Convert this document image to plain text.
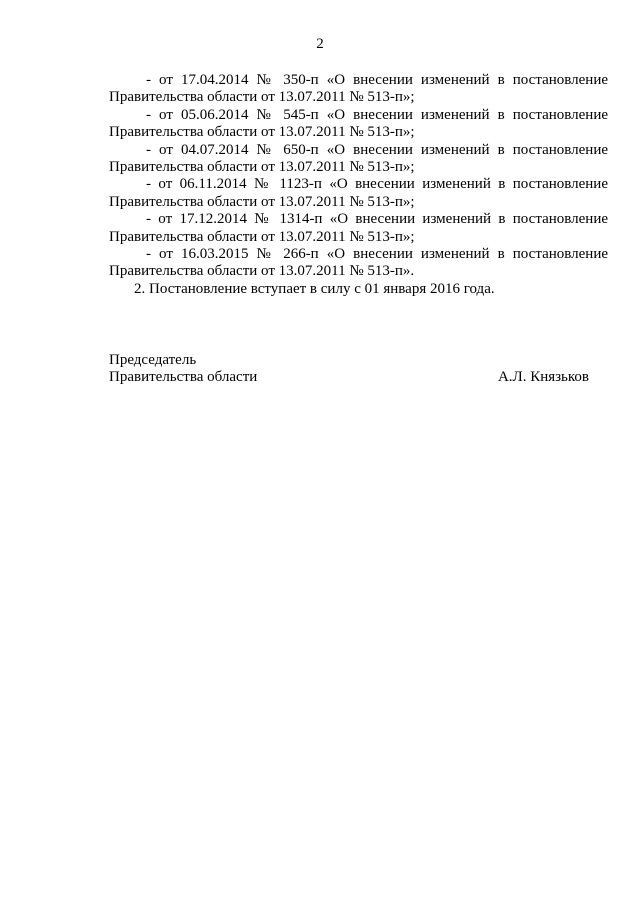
2
- от 17.04.2014 № 350-п «О внесении изменений в постановление
Правительства области от 13.07.2011 № 513-п»;
- от 05.06.2014 № 545-п «О внесении изменений в постановление
Правительства области от 13.07.2011 № 513-п»;
- от 04.07.2014 № 650-п «О внесении изменений в постановление
Правительства области от 13.07.2011 № 513-п»;
- от 06.11.2014 № 1123-п «О внесении изменений в постановление
Правительства области от 13.07.2011 № 513-п»;
- от 17.12.2014 № 1314-п «О внесении изменений в постановление
Правительства области от 13.07.2011 № 513-п»;
- от 16.03.2015 № 266-п «О внесении изменений в постановление
Правительства области от 13.07.2011 № 513-п».
2. Постановление вступает в силу с 01 января 2016 года.
Председатель
Правительства области	А.Л. Князьков
